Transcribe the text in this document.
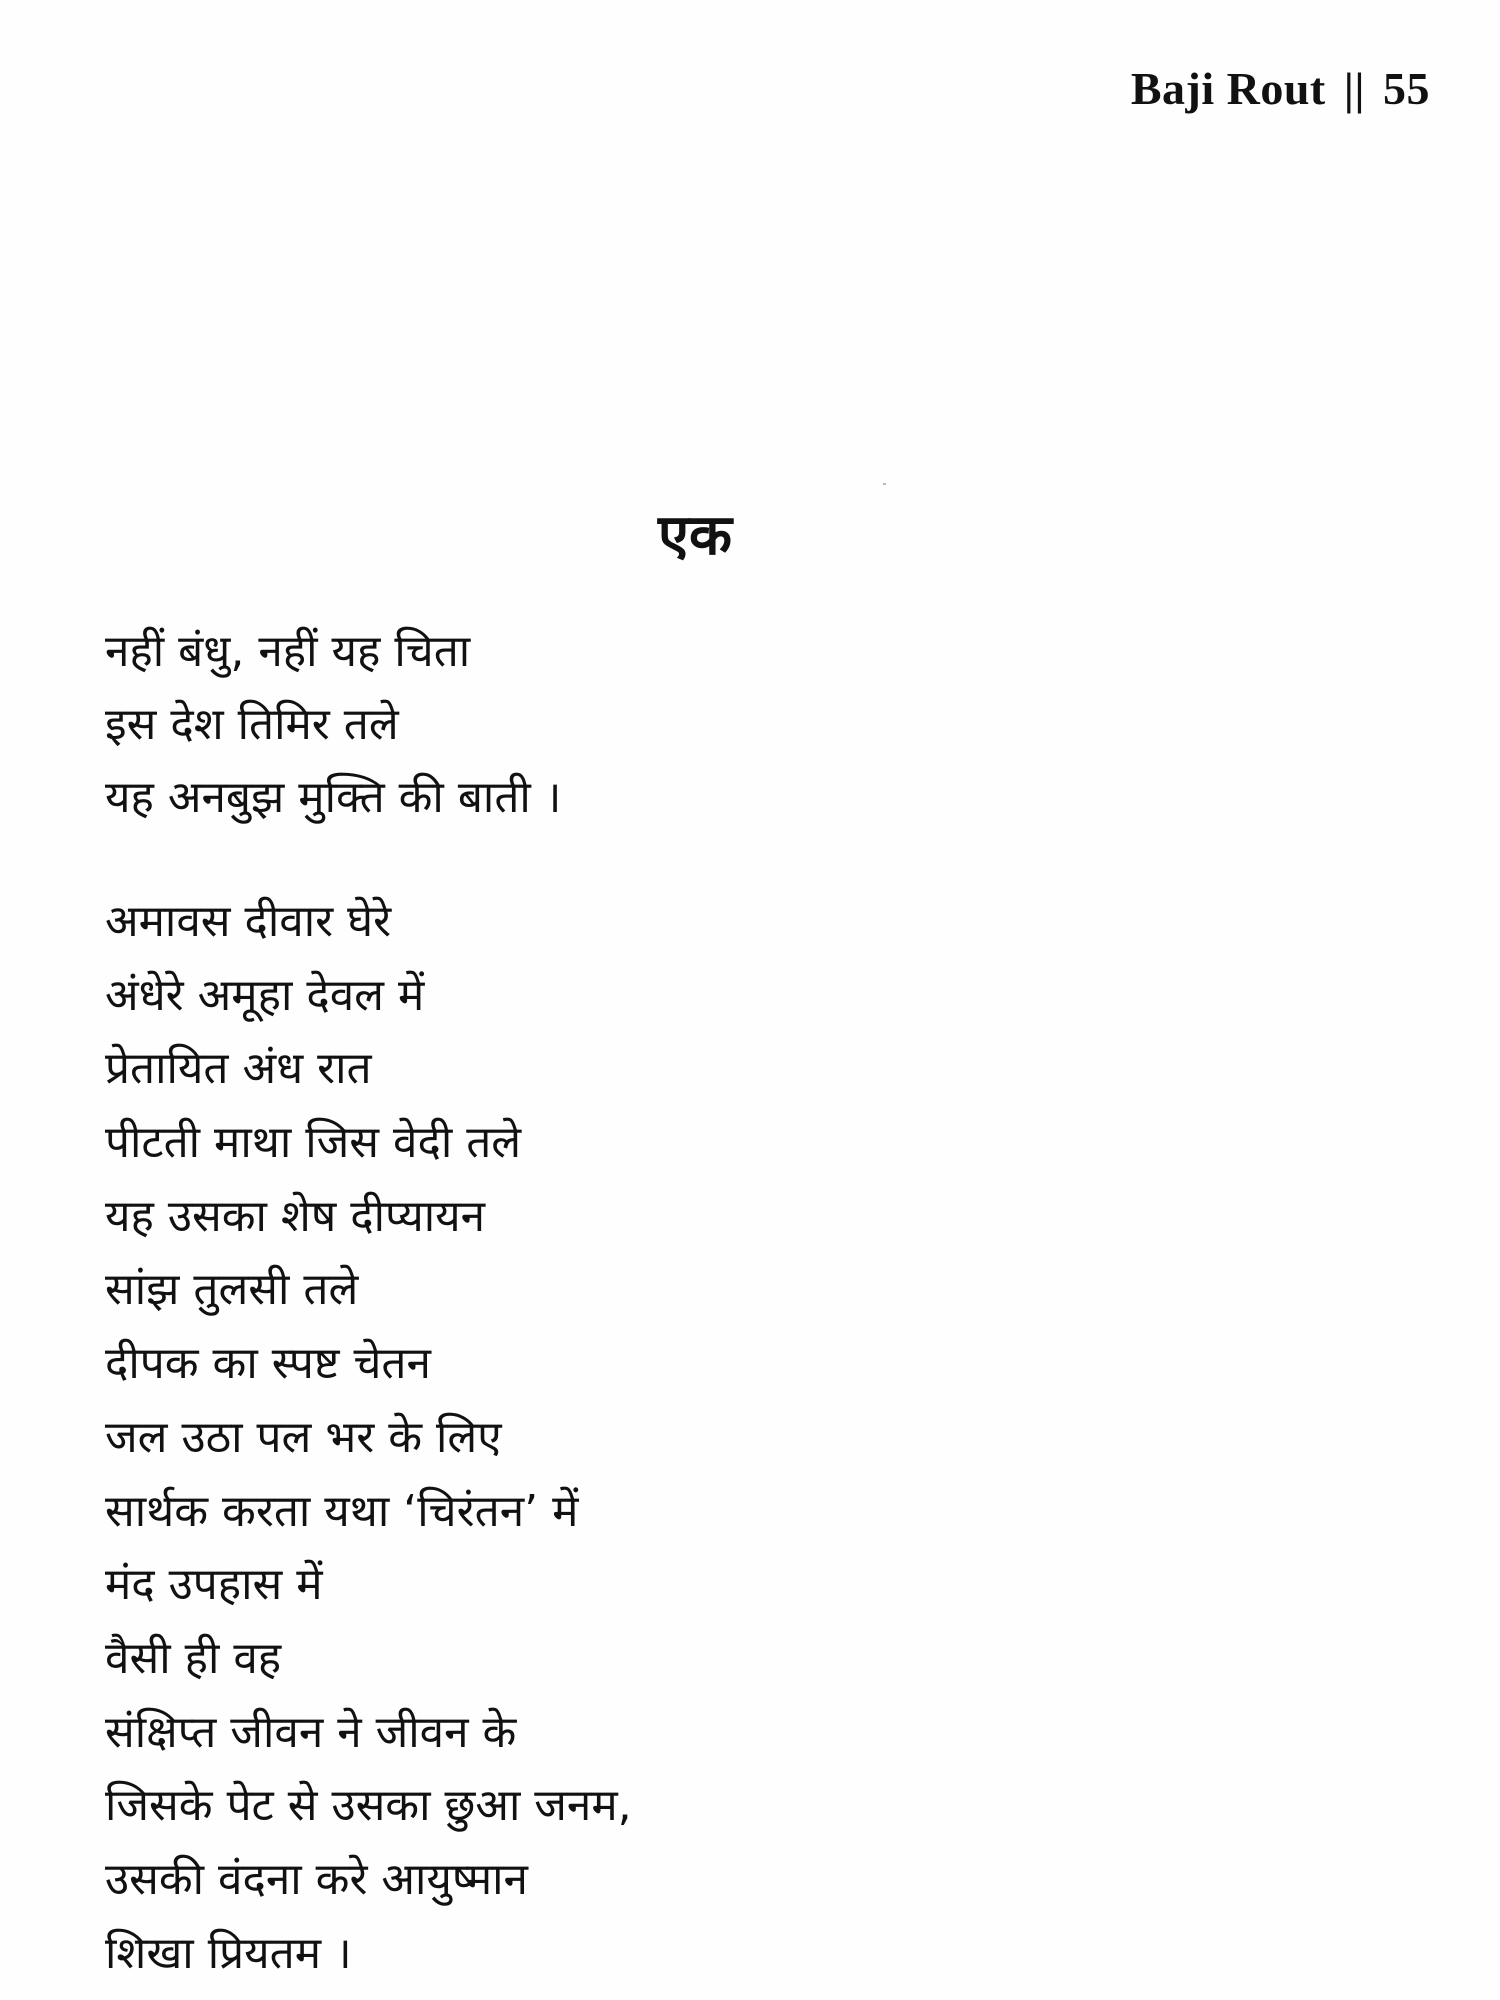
Baji Rout || 55
एक
नहीं बंधु, नहीं यह चिता
इस देश तिमिर तले
यह अनबुझ मुक्ति की बाती ।
अमावस दीवार घेरे
अंधेरे अमूहा देवल में
प्रेतायित अंध रात
पीटती माथा जिस वेदी तले
यह उसका शेष दीप्यायन
सांझ तुलसी तले
दीपक का स्पष्ट चेतन
जल उठा पल भर के लिए
सार्थक करता यथा ‘चिरंतन’ में
मंद उपहास में
वैसी ही वह
संक्षिप्त जीवन ने जीवन के
जिसके पेट से उसका छुआ जनम,
उसकी वंदना करे आयुष्मान
शिखा प्रियतम ।
